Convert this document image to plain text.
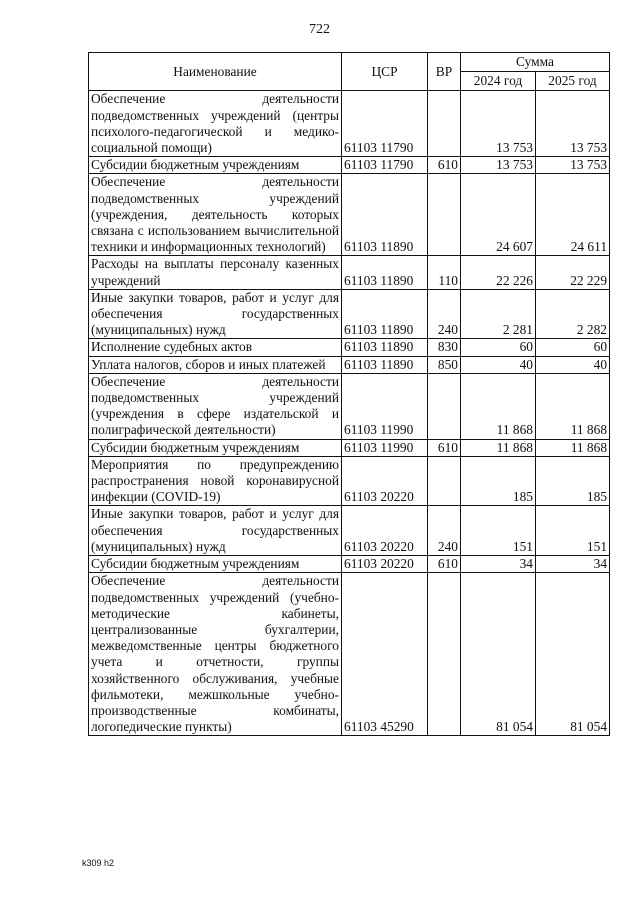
722
Наименование	ЦСР	ВР	Сумма	
			2024 год	2025 год
Обеспечение деятельности подведомственных учреждений (центры психолого-педагогической и медико-социальной помощи)	61103 11790		13 753	13 753
Субсидии бюджетным учреждениям	61103 11790	610	13 753	13 753
Обеспечение деятельности подведомственных учреждений (учреждения, деятельность которых связана с использованием вычислительной техники и информационных технологий)	61103 11890		24 607	24 611
Расходы на выплаты персоналу казенных учреждений	61103 11890	110	22 226	22 229
Иные закупки товаров, работ и услуг для обеспечения государственных (муниципальных) нужд	61103 11890	240	2 281	2 282
Исполнение судебных актов	61103 11890	830	60	60
Уплата налогов, сборов и иных платежей	61103 11890	850	40	40
Обеспечение деятельности подведомственных учреждений (учреждения в сфере издательской и полиграфической деятельности)	61103 11990		11 868	11 868
Субсидии бюджетным учреждениям	61103 11990	610	11 868	11 868
Мероприятия по предупреждению распространения новой коронавирусной инфекции (COVID-19)	61103 20220		185	185
Иные закупки товаров, работ и услуг для обеспечения государственных (муниципальных) нужд	61103 20220	240	151	151
Субсидии бюджетным учреждениям	61103 20220	610	34	34
Обеспечение деятельности подведомственных учреждений (учебно-методические кабинеты, централизованные бухгалтерии, межведомственные центры бюджетного учета и отчетности, группы хозяйственного обслуживания, учебные фильмотеки, межшкольные учебно-производственные комбинаты, логопедические пункты)	61103 45290		81 054	81 054
k309 h2
